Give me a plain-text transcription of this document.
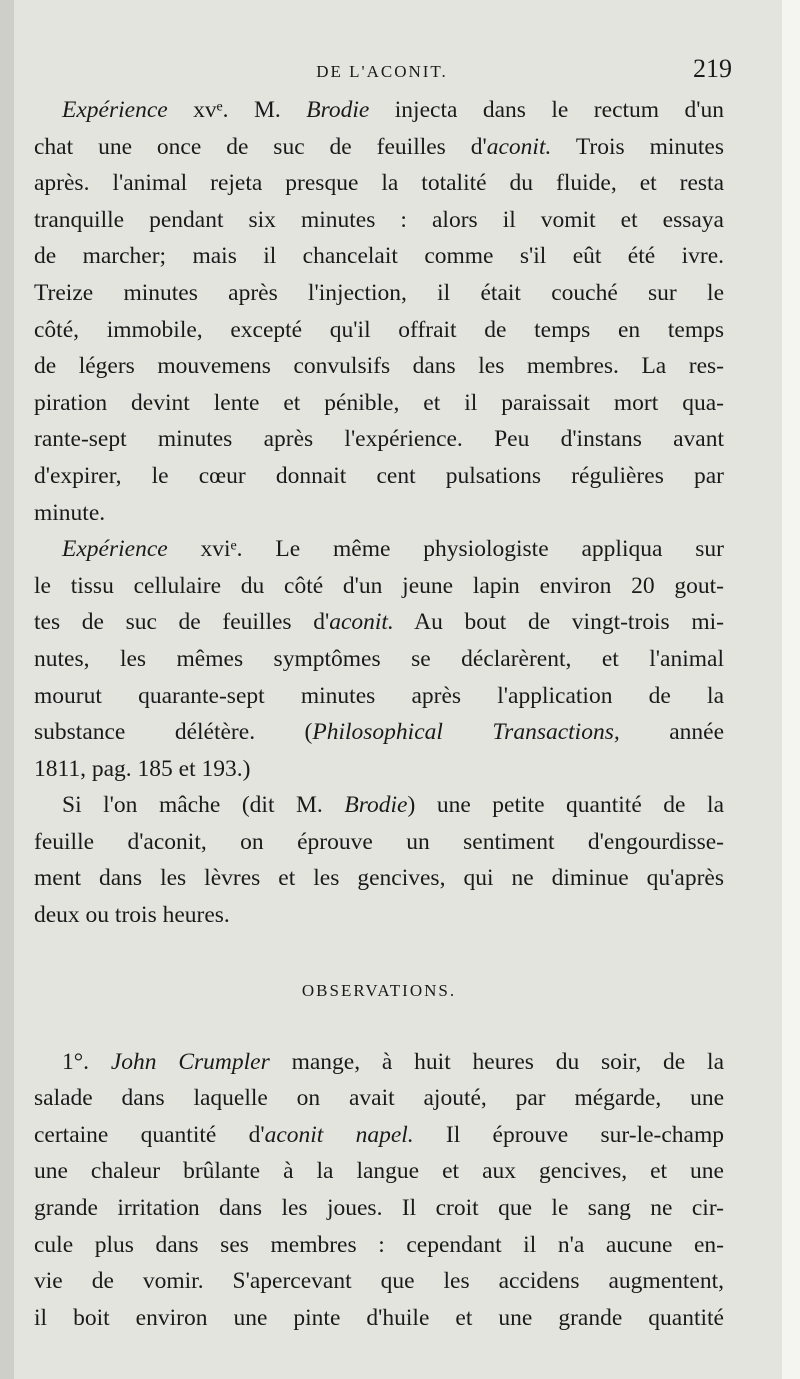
DE L'ACONIT.	219
Expérience xvᵉ. M. Brodie injecta dans le rectum d'un
chat une once de suc de feuilles d'aconit. Trois minutes
après. l'animal rejeta presque la totalité du fluide, et resta
tranquille pendant six minutes : alors il vomit et essaya
de marcher; mais il chancelait comme s'il eût été ivre.
Treize minutes après l'injection, il était couché sur le
côté, immobile, excepté qu'il offrait de temps en temps
de légers mouvemens convulsifs dans les membres. La res-
piration devint lente et pénible, et il paraissait mort qua-
rante-sept minutes après l'expérience. Peu d'instans avant
d'expirer, le cœur donnait cent pulsations régulières par
minute.
Expérience xviᵉ. Le même physiologiste appliqua sur
le tissu cellulaire du côté d'un jeune lapin environ 20 gout-
tes de suc de feuilles d'aconit. Au bout de vingt-trois mi-
nutes, les mêmes symptômes se déclarèrent, et l'animal
mourut quarante-sept minutes après l'application de la
substance délétère. (Philosophical Transactions, année
1811, pag. 185 et 193.)
Si l'on mâche (dit M. Brodie) une petite quantité de la
feuille d'aconit, on éprouve un sentiment d'engourdisse-
ment dans les lèvres et les gencives, qui ne diminue qu'après
deux ou trois heures.
OBSERVATIONS.
1°. John Crumpler mange, à huit heures du soir, de la
salade dans laquelle on avait ajouté, par mégarde, une
certaine quantité d'aconit napel. Il éprouve sur-le-champ
une chaleur brûlante à la langue et aux gencives, et une
grande irritation dans les joues. Il croit que le sang ne cir-
cule plus dans ses membres : cependant il n'a aucune en-
vie de vomir. S'apercevant que les accidens augmentent,
il boit environ une pinte d'huile et une grande quantité
